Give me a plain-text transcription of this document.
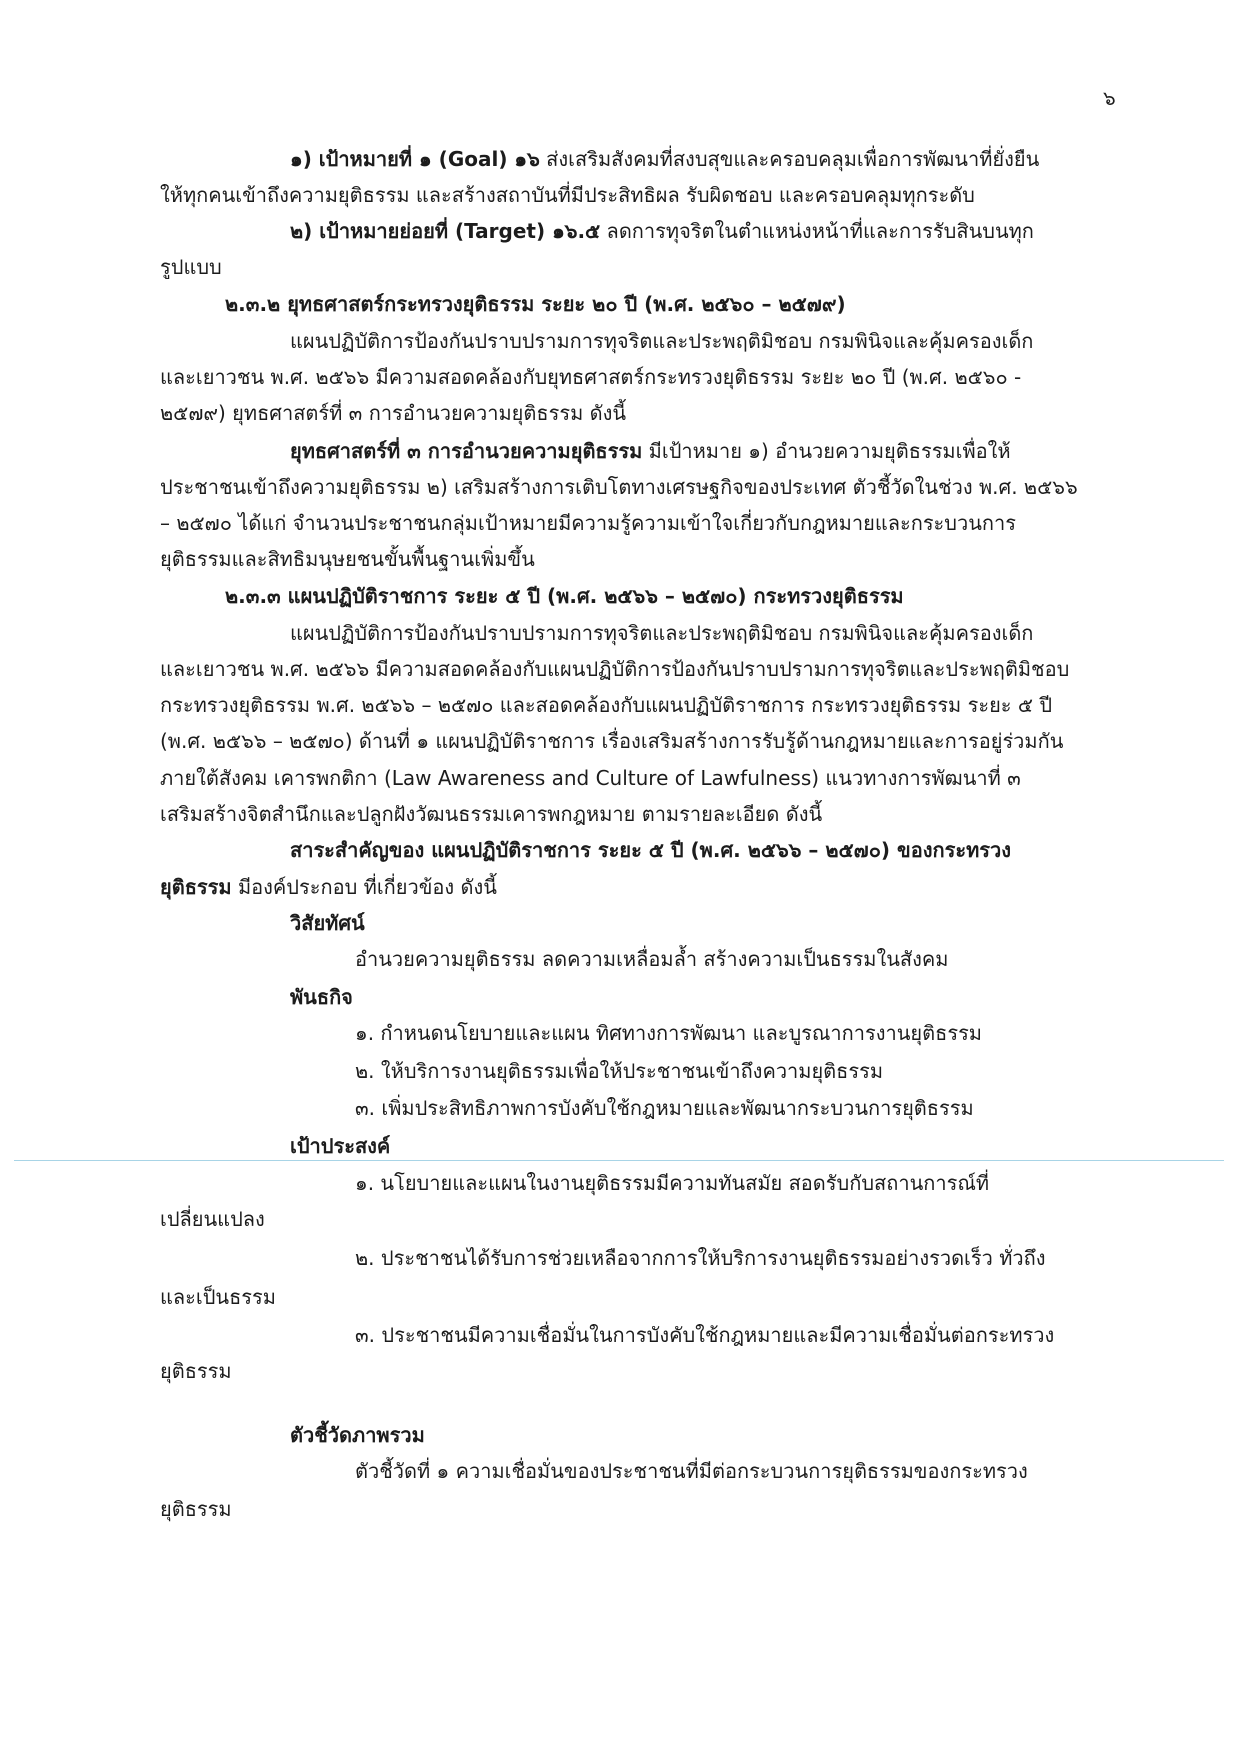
๖
๑) เป้าหมายที่ ๑ (Goal) ๑๖ ส่งเสริมสังคมที่สงบสุขและครอบคลุมเพื่อการพัฒนาที่ยั่งยืน
ให้ทุกคนเข้าถึงความยุติธรรม และสร้างสถาบันที่มีประสิทธิผล รับผิดชอบ และครอบคลุมทุกระดับ
๒) เป้าหมายย่อยที่ (Target) ๑๖.๕ ลดการทุจริตในตำแหน่งหน้าที่และการรับสินบนทุก
รูปแบบ
๒.๓.๒ ยุทธศาสตร์กระทรวงยุติธรรม ระยะ ๒๐ ปี (พ.ศ. ๒๕๖๐ – ๒๕๗๙)
แผนปฏิบัติการป้องกันปราบปรามการทุจริตและประพฤติมิชอบ กรมพินิจและคุ้มครองเด็ก
และเยาวชน พ.ศ. ๒๕๖๖ มีความสอดคล้องกับยุทธศาสตร์กระทรวงยุติธรรม ระยะ ๒๐ ปี (พ.ศ. ๒๕๖๐ -
๒๕๗๙) ยุทธศาสตร์ที่ ๓ การอำนวยความยุติธรรม ดังนี้
ยุทธศาสตร์ที่ ๓ การอำนวยความยุติธรรม มีเป้าหมาย ๑) อำนวยความยุติธรรมเพื่อให้
ประชาชนเข้าถึงความยุติธรรม ๒) เสริมสร้างการเติบโตทางเศรษฐกิจของประเทศ ตัวชี้วัดในช่วง พ.ศ. ๒๕๖๖
– ๒๕๗๐ ได้แก่ จำนวนประชาชนกลุ่มเป้าหมายมีความรู้ความเข้าใจเกี่ยวกับกฎหมายและกระบวนการ
ยุติธรรมและสิทธิมนุษยชนขั้นพื้นฐานเพิ่มขึ้น
๒.๓.๓ แผนปฏิบัติราชการ ระยะ ๕ ปี (พ.ศ. ๒๕๖๖ – ๒๕๗๐) กระทรวงยุติธรรม
แผนปฏิบัติการป้องกันปราบปรามการทุจริตและประพฤติมิชอบ กรมพินิจและคุ้มครองเด็ก
และเยาวชน พ.ศ. ๒๕๖๖ มีความสอดคล้องกับแผนปฏิบัติการป้องกันปราบปรามการทุจริตและประพฤติมิชอบ
กระทรวงยุติธรรม พ.ศ. ๒๕๖๖ – ๒๕๗๐ และสอดคล้องกับแผนปฏิบัติราชการ กระทรวงยุติธรรม ระยะ ๕ ปี
(พ.ศ. ๒๕๖๖ – ๒๕๗๐) ด้านที่ ๑ แผนปฏิบัติราชการ เรื่องเสริมสร้างการรับรู้ด้านกฎหมายและการอยู่ร่วมกัน
ภายใต้สังคม เคารพกติกา (Law Awareness and Culture of Lawfulness) แนวทางการพัฒนาที่ ๓
เสริมสร้างจิตสำนึกและปลูกฝังวัฒนธรรมเคารพกฎหมาย ตามรายละเอียด ดังนี้
สาระสำคัญของ แผนปฏิบัติราชการ ระยะ ๕ ปี (พ.ศ. ๒๕๖๖ – ๒๕๗๐) ของกระทรวง
ยุติธรรม มีองค์ประกอบ ที่เกี่ยวข้อง ดังนี้
วิสัยทัศน์
อำนวยความยุติธรรม ลดความเหลื่อมล้ำ สร้างความเป็นธรรมในสังคม
พันธกิจ
๑. กำหนดนโยบายและแผน ทิศทางการพัฒนา และบูรณาการงานยุติธรรม
๒. ให้บริการงานยุติธรรมเพื่อให้ประชาชนเข้าถึงความยุติธรรม
๓. เพิ่มประสิทธิภาพการบังคับใช้กฎหมายและพัฒนากระบวนการยุติธรรม
เป้าประสงค์
๑. นโยบายและแผนในงานยุติธรรมมีความทันสมัย สอดรับกับสถานการณ์ที่
เปลี่ยนแปลง
๒. ประชาชนได้รับการช่วยเหลือจากการให้บริการงานยุติธรรมอย่างรวดเร็ว ทั่วถึง
และเป็นธรรม
๓. ประชาชนมีความเชื่อมั่นในการบังคับใช้กฎหมายและมีความเชื่อมั่นต่อกระทรวง
ยุติธรรม
ตัวชี้วัดภาพรวม
ตัวชี้วัดที่ ๑ ความเชื่อมั่นของประชาชนที่มีต่อกระบวนการยุติธรรมของกระทรวง
ยุติธรรม
